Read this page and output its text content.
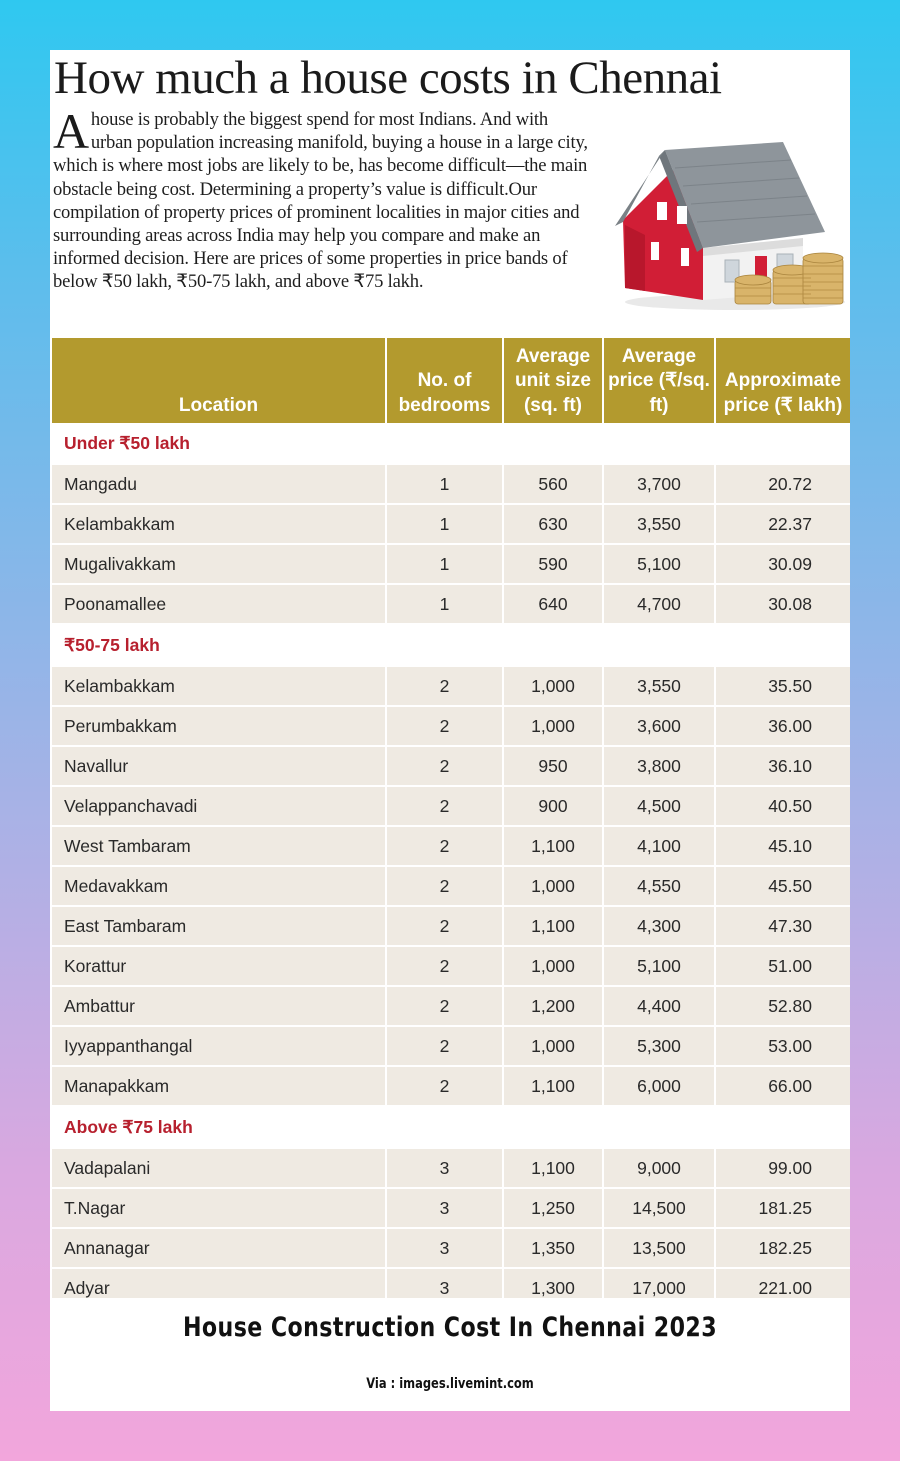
How much a house costs in Chennai
Ahouse is probably the biggest spend for most Indians. And with urban population increasing manifold, buying a house in a large city, which is where most jobs are likely to be, has become difficult—the main obstacle being cost. Determining a property’s value is difficult.Our compilation of property prices of prominent localities in major cities and surrounding areas across India may help you compare and make an informed decision. Here are prices of some properties in price bands of below ₹50 lakh, ₹50-75 lakh, and above ₹75 lakh.
Location	No. of bedrooms	Average unit size (sq. ft)	Average price (₹/sq. ft)	Approximate price (₹ lakh)
Under ₹50 lakh				
Mangadu	1	560	3,700	20.72
Kelambakkam	1	630	3,550	22.37
Mugalivakkam	1	590	5,100	30.09
Poonamallee	1	640	4,700	30.08
₹50-75 lakh				
Kelambakkam	2	1,000	3,550	35.50
Perumbakkam	2	1,000	3,600	36.00
Navallur	2	950	3,800	36.10
Velappanchavadi	2	900	4,500	40.50
West Tambaram	2	1,100	4,100	45.10
Medavakkam	2	1,000	4,550	45.50
East Tambaram	2	1,100	4,300	47.30
Korattur	2	1,000	5,100	51.00
Ambattur	2	1,200	4,400	52.80
Iyyappanthangal	2	1,000	5,300	53.00
Manapakkam	2	1,100	6,000	66.00
Above ₹75 lakh				
Vadapalani	3	1,100	9,000	99.00
T.Nagar	3	1,250	14,500	181.25
Annanagar	3	1,350	13,500	182.25
Adyar	3	1,300	17,000	221.00
House Construction Cost In Chennai 2023
Via : images.livemint.com
